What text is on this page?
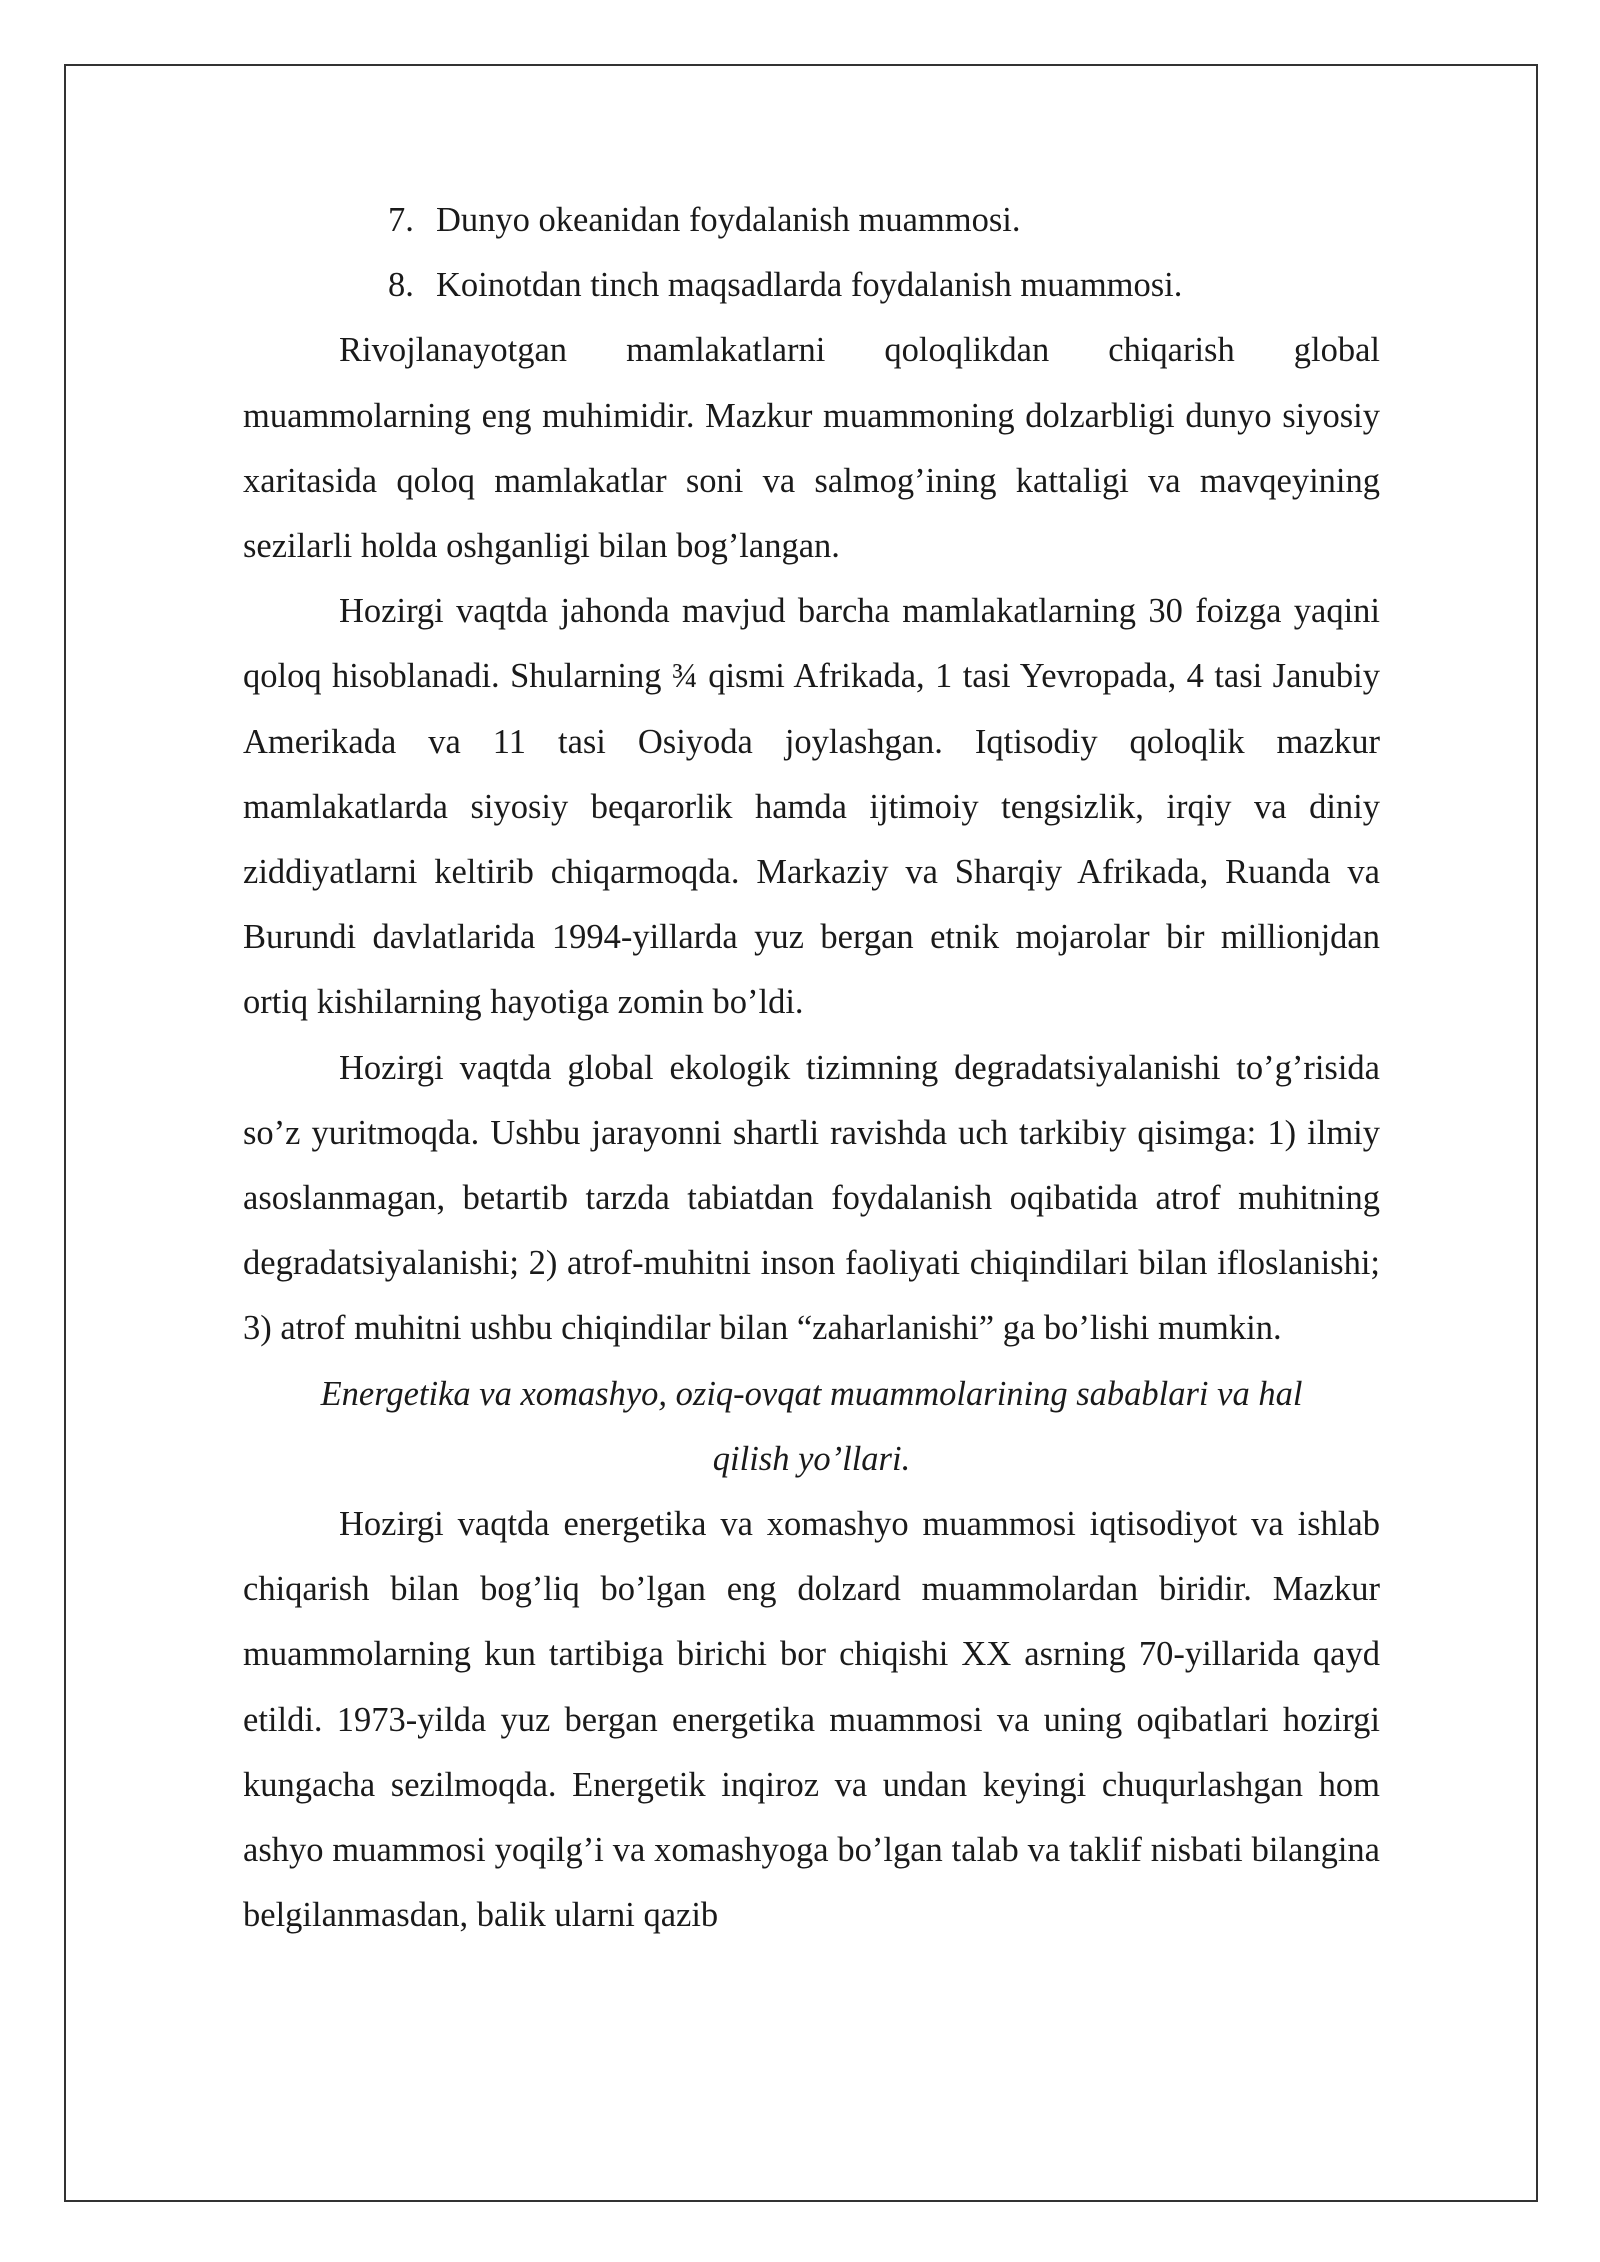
7. Dunyo okeanidan foydalanish muammosi.
8. Koinotdan tinch maqsadlarda foydalanish muammosi.

Rivojlanayotgan mamlakatlarni qoloqlikdan chiqarish global muammolarning eng muhimidir. Mazkur muammoning dolzarbligi dunyo siyosiy xaritasida qoloq mamlakatlar soni va salmog’ining kattaligi va mavqeyining sezilarli holda oshganligi bilan bog’langan.

Hozirgi vaqtda jahonda mavjud barcha mamlakatlarning 30 foizga yaqini qoloq hisoblanadi. Shularning ¾ qismi Afrikada, 1 tasi Yevropada, 4 tasi Janubiy Amerikada va 11 tasi Osiyoda joylashgan. Iqtisodiy qoloqlik mazkur mamlakatlarda siyosiy beqarorlik hamda ijtimoiy tengsizlik, irqiy va diniy ziddiyatlarni keltirib chiqarmoqda. Markaziy va Sharqiy Afrikada, Ruanda va Burundi davlatlarida 1994-yillarda yuz bergan etnik mojarolar bir millionjdan ortiq kishilarning hayotiga zomin bo’ldi.

Hozirgi vaqtda global ekologik tizimning degradatsiyalanishi to’g’risida so’z yuritmoqda. Ushbu jarayonni shartli ravishda uch tarkibiy qisimga: 1) ilmiy asoslanmagan, betartib tarzda tabiatdan foydalanish oqibatida atrof muhitning degradatsiyalanishi; 2) atrof-muhitni inson faoliyati chiqindilari bilan ifloslanishi; 3) atrof muhitni ushbu chiqindilar bilan “zaharlanishi” ga bo’lishi mumkin.

Energetika va xomashyo, oziq-ovqat muammolarining sabablari va hal
qilish yo’llari.

Hozirgi vaqtda energetika va xomashyo muammosi iqtisodiyot va ishlab chiqarish bilan bog’liq bo’lgan eng dolzard muammolardan biridir. Mazkur muammolarning kun tartibiga birichi bor chiqishi XX asrning 70-yillarida qayd etildi. 1973-yilda yuz bergan energetika muammosi va uning oqibatlari hozirgi kungacha sezilmoqda. Energetik inqiroz va undan keyingi chuqurlashgan hom ashyo muammosi yoqilg’i va xomashyoga bo’lgan talab va taklif nisbati bilangina belgilanmasdan, balik ularni qazib
